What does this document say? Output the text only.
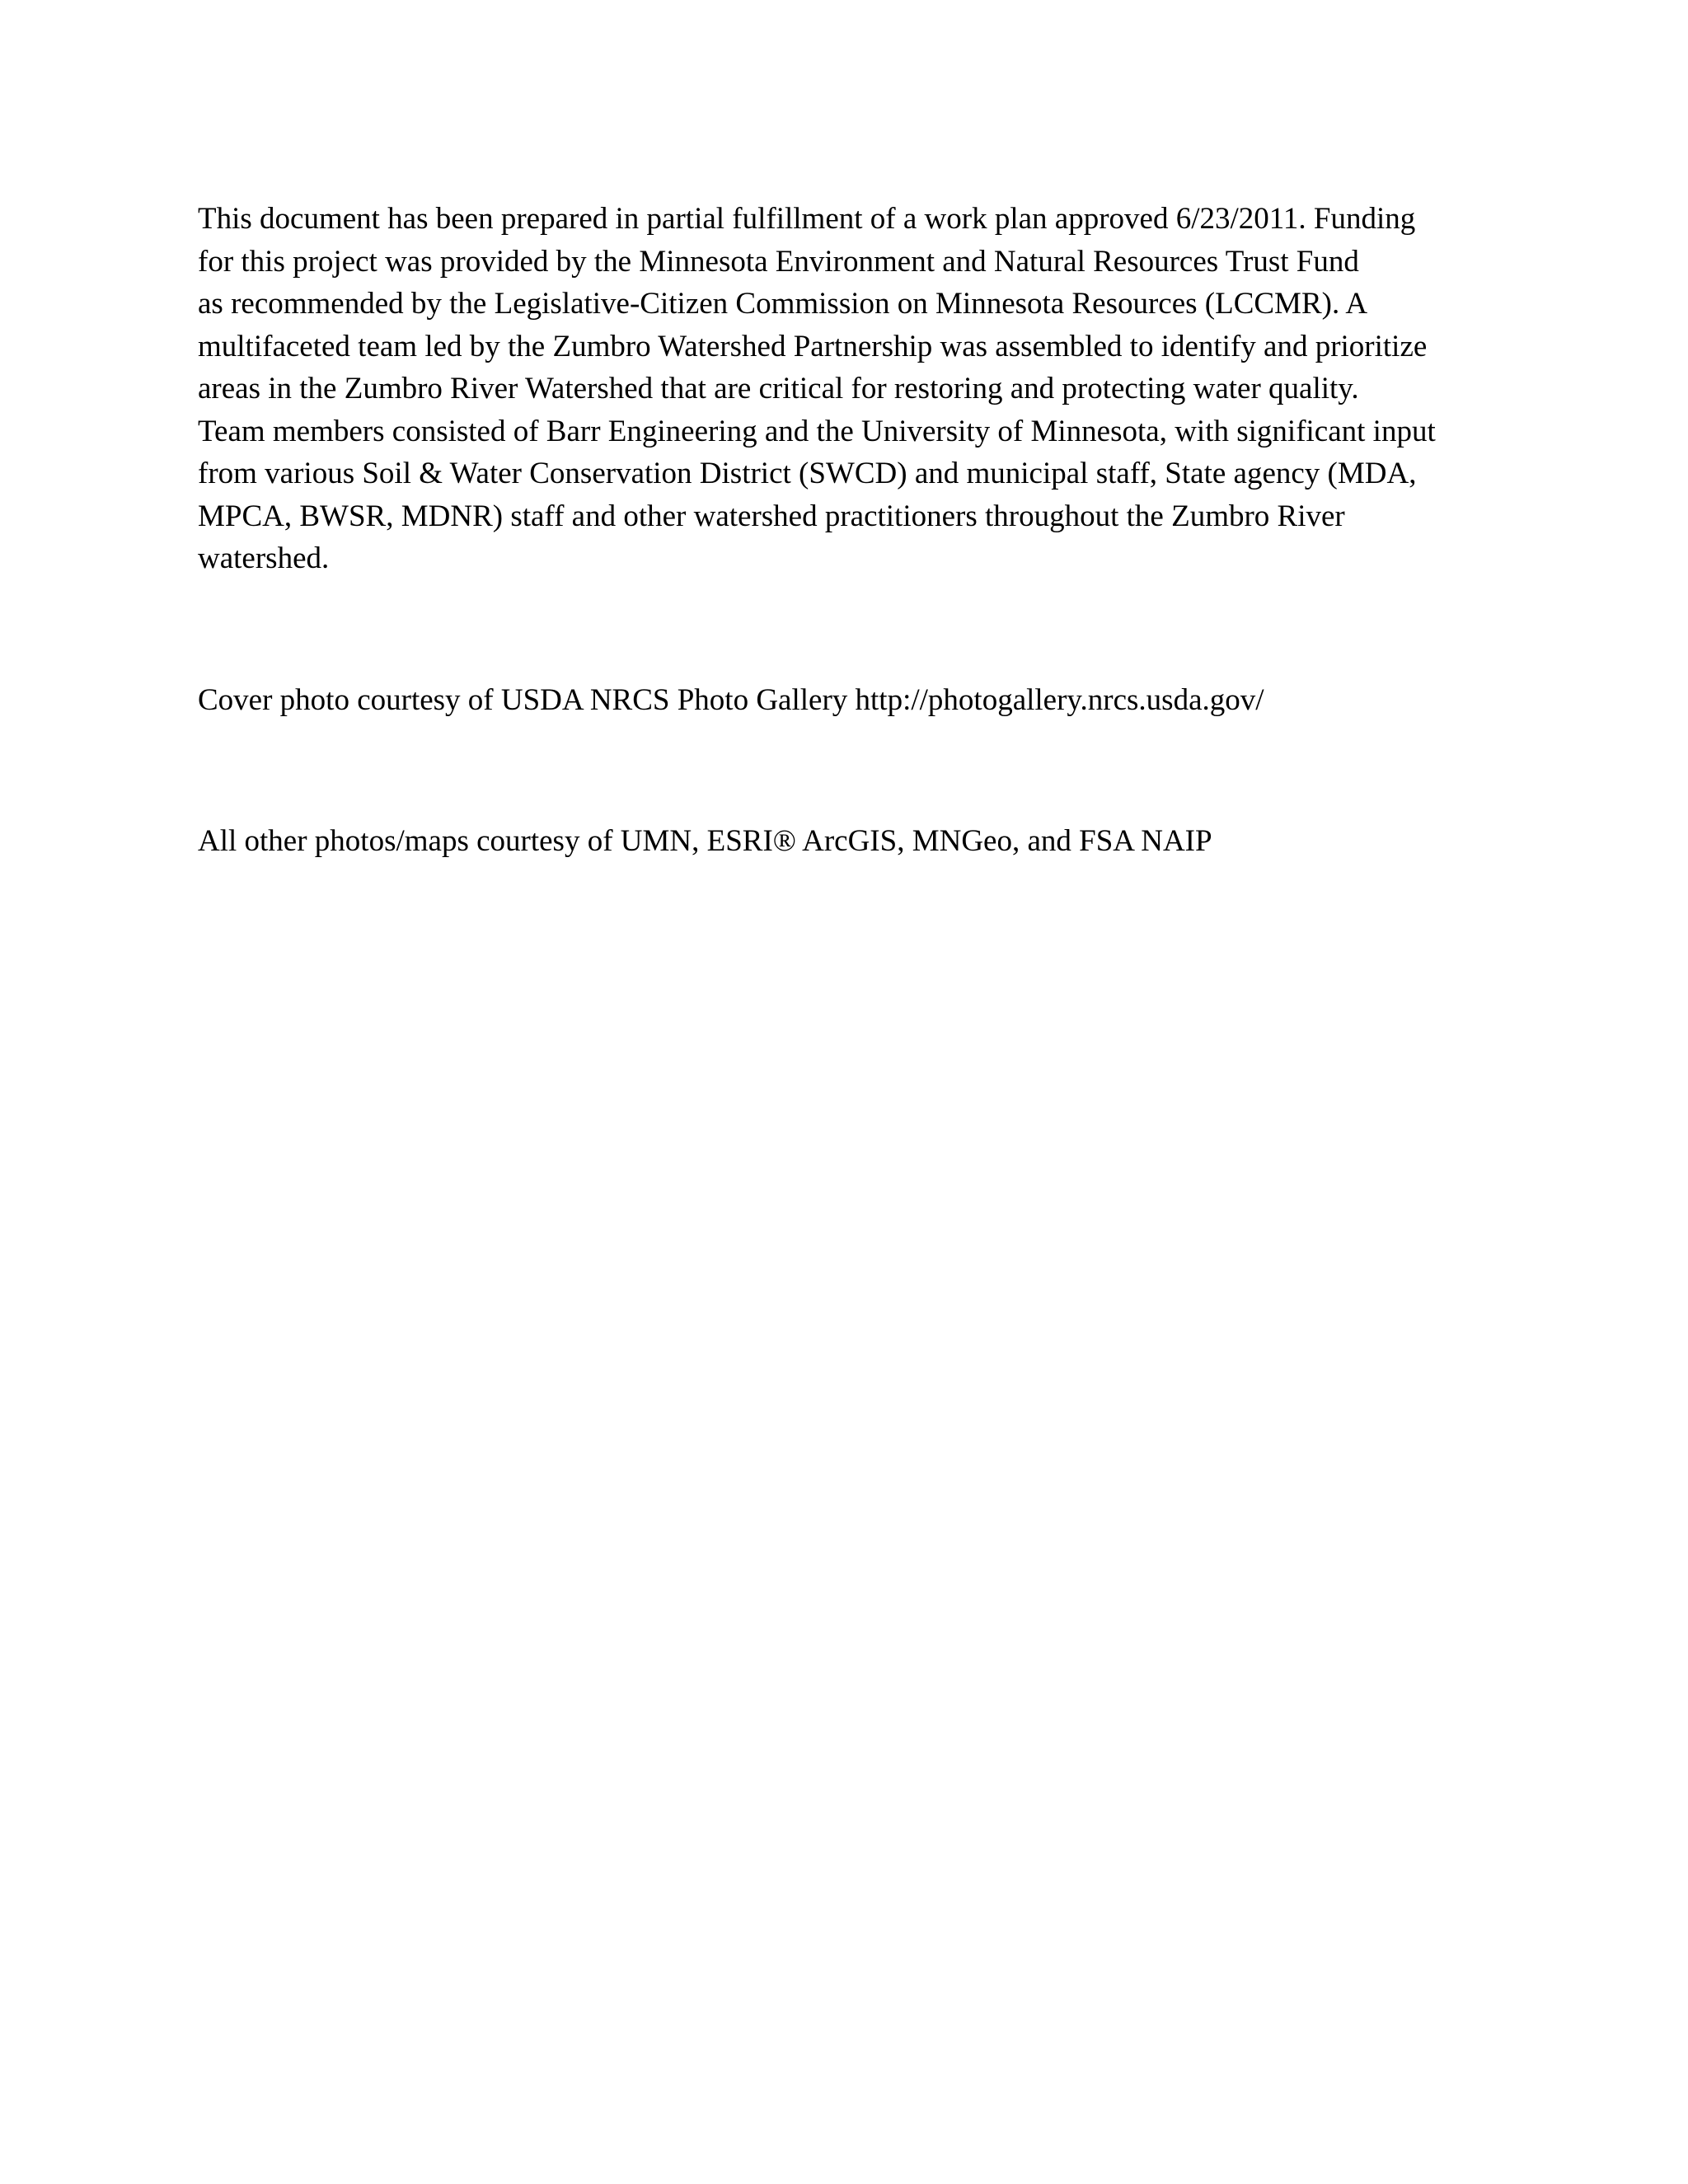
This document has been prepared in partial fulfillment of a work plan approved 6/23/2011. Funding
for this project was provided by the Minnesota Environment and Natural Resources Trust Fund
as recommended by the Legislative-Citizen Commission on Minnesota Resources (LCCMR). A
multifaceted team led by the Zumbro Watershed Partnership was assembled to identify and prioritize
areas in the Zumbro River Watershed that are critical for restoring and protecting water quality.
Team members consisted of Barr Engineering and the University of Minnesota, with significant input
from various Soil & Water Conservation District (SWCD) and municipal staff, State agency (MDA,
MPCA, BWSR, MDNR) staff and other watershed practitioners throughout the Zumbro River
watershed.

Cover photo courtesy of USDA NRCS Photo Gallery http://photogallery.nrcs.usda.gov/

All other photos/maps courtesy of UMN, ESRI® ArcGIS, MNGeo, and FSA NAIP
